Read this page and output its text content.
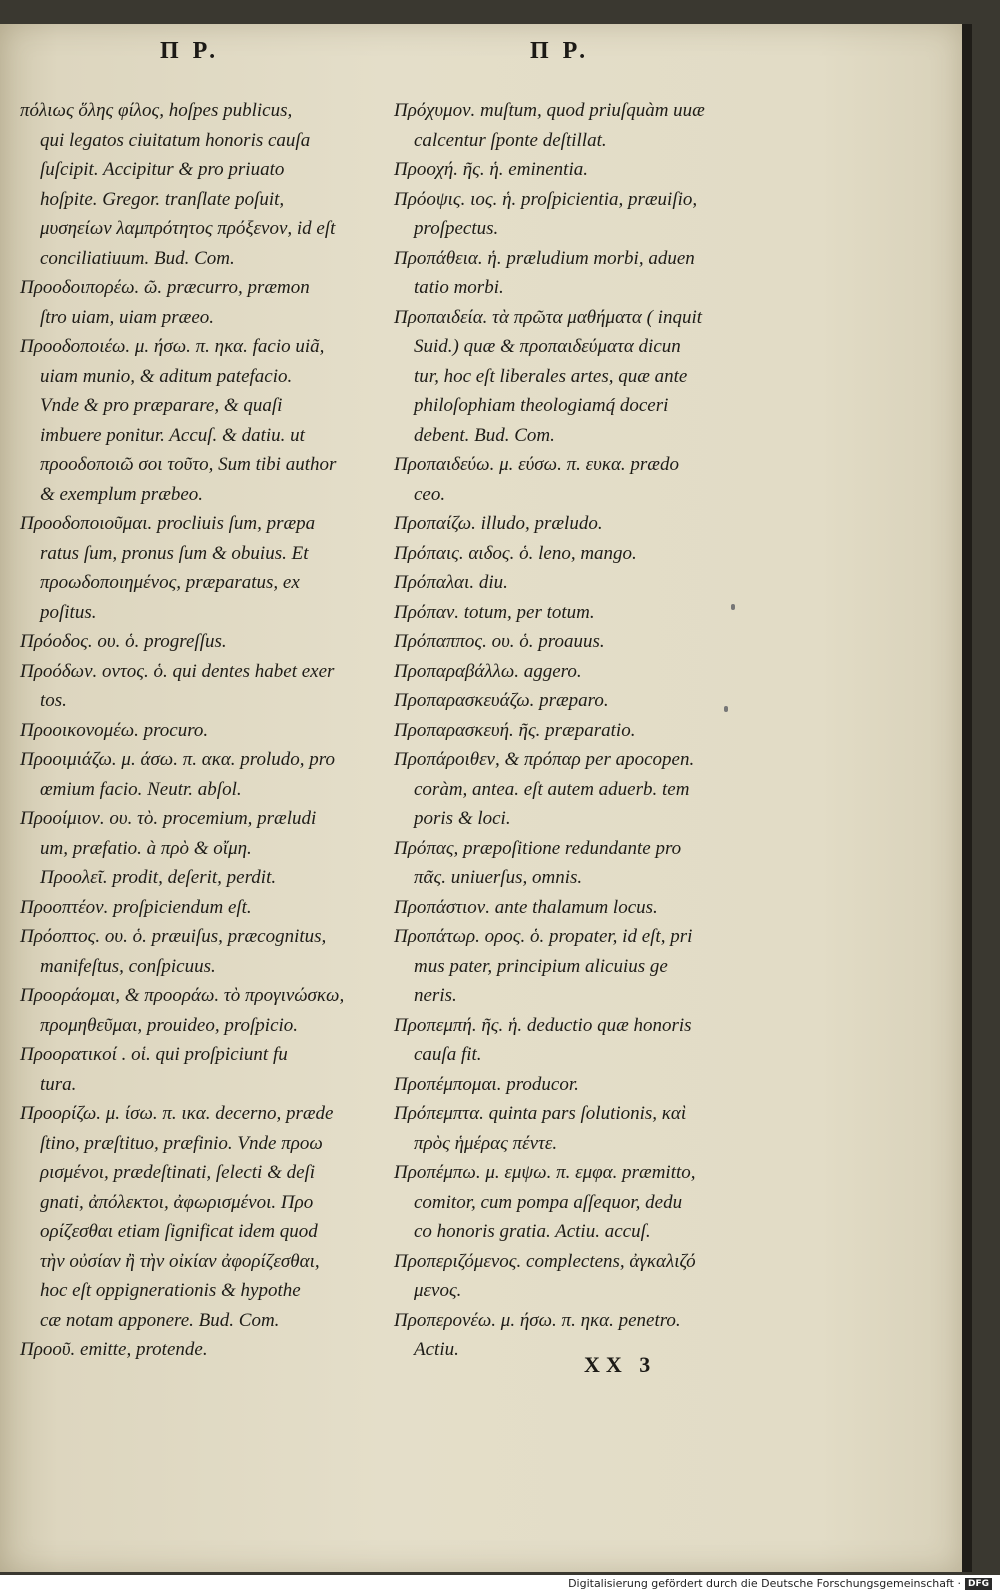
Π P.	Π P.
πόλιως ὅλης φίλος, hoſpes publicus,
qui legatos ciuitatum honoris cauſa
ſuſcipit. Accipitur & pro priuato
hoſpite. Gregor. tranſlate poſuit,
μυσηείων λαμπρότητος πρόξενον, id eſt
conciliatiuum. Bud. Com.
Προοδοιπορέω. ῶ. præcurro, præmon
ſtro uiam, uiam præeo.
Προοδοποιέω. μ. ήσω. π. ηκα. facio uiã,
uiam munio, & aditum patefacio.
Vnde & pro præparare, & quaſi
imbuere ponitur. Accuſ. & datiu. ut
προοδοποιῶ σοι τοῦτο, Sum tibi author
& exemplum præbeo.
Προοδοποιοῦμαι. procliuis ſum, præpa
ratus ſum, pronus ſum & obuius. Et
προωδοποιημένος, præparatus, ex
poſitus.
Πρόοδος. ου. ὁ. progreſſus.
Προόδων. οντος. ὁ. qui dentes habet exer
tos.
Προοικονομέω. procuro.
Προοιμιάζω. μ. άσω. π. ακα. proludo, pro
œmium facio. Neutr. abſol.
Προοίμιον. ου. τὸ. procemium, præludi
um, præfatio. à πρὸ & οἴμη.
Προολεῖ. prodit, deſerit, perdit.
Προοπτέον. proſpiciendum eſt.
Πρόοπτος. ου. ὁ. præuiſus, præcognitus,
manifeſtus, conſpicuus.
Προοράομαι, & προοράω. τὸ προγινώσκω,
προμηθεῦμαι, prouideo, proſpicio.
Προορατικοί . οἱ. qui proſpiciunt fu
tura.
Προορίζω. μ. ίσω. π. ικα. decerno, præde
ſtino, præſtituo, præfinio. Vnde προω
ρισμένοι, prædeſtinati, ſelecti & deſi
gnati, ἀπόλεκτοι, ἀφωρισμένοι. Προ
ορίζεσθαι etiam ſignificat idem quod
τὴν οὐσίαν ἢ τὴν οἰκίαν ἀφορίζεσθαι,
hoc eſt oppignerationis & hypothe
cæ notam apponere. Bud. Com.
Προοῦ. emitte, protende.
Πρόχυμον. muſtum, quod priuſquàm uuæ
calcentur ſponte deſtillat.
Προοχή. ῆς. ἡ. eminentia.
Πρόοψις. ιος. ἡ. proſpicientia, præuiſio,
proſpectus.
Προπάθεια. ἡ. præludium morbi, aduen
tatio morbi.
Προπαιδεία. τὰ πρῶτα μαθήματα ( inquit
Suid.) quæ & προπαιδεύματα dicun
tur, hoc eſt liberales artes, quæ ante
philoſophiam theologiamq́ doceri
debent. Bud. Com.
Προπαιδεύω. μ. εύσω. π. ευκα. prædo
ceo.
Προπαίζω. illudo, præludo.
Πρόπαις. αιδος. ὁ. leno, mango.
Πρόπαλαι. diu.
Πρόπαν. totum, per totum.
Πρόπαππος. ου. ὁ. proauus.
Προπαραβάλλω. aggero.
Προπαρασκευάζω. præparo.
Προπαρασκευή. ῆς. præparatio.
Προπάροιθεν, & πρόπαρ per apocopen.
coràm, antea. eſt autem aduerb. tem
poris & loci.
Πρόπας, præpoſitione redundante pro
πᾶς. uniuerſus, omnis.
Προπάστιον. ante thalamum locus.
Προπάτωρ. ορος. ὁ. propater, id eſt, pri
mus pater, principium alicuius ge
neris.
Προπεμπή. ῆς. ἡ. deductio quæ honoris
cauſa fit.
Προπέμπομαι. producor.
Πρόπεμπτα. quinta pars ſolutionis, καὶ
πρὸς ἡμέρας πέντε.
Προπέμπω. μ. εμψω. π. εμφα. præmitto,
comitor, cum pompa aſſequor, dedu
co honoris gratia. Actiu. accuſ.
Προπεριζόμενος. complectens, ἀγκαλιζό
μενος.
Προπερονέω. μ. ήσω. π. ηκα. penetro.
Actiu.
XX 3
Digitalisierung gefördert durch die Deutsche Forschungsgemeinschaft · DFG
